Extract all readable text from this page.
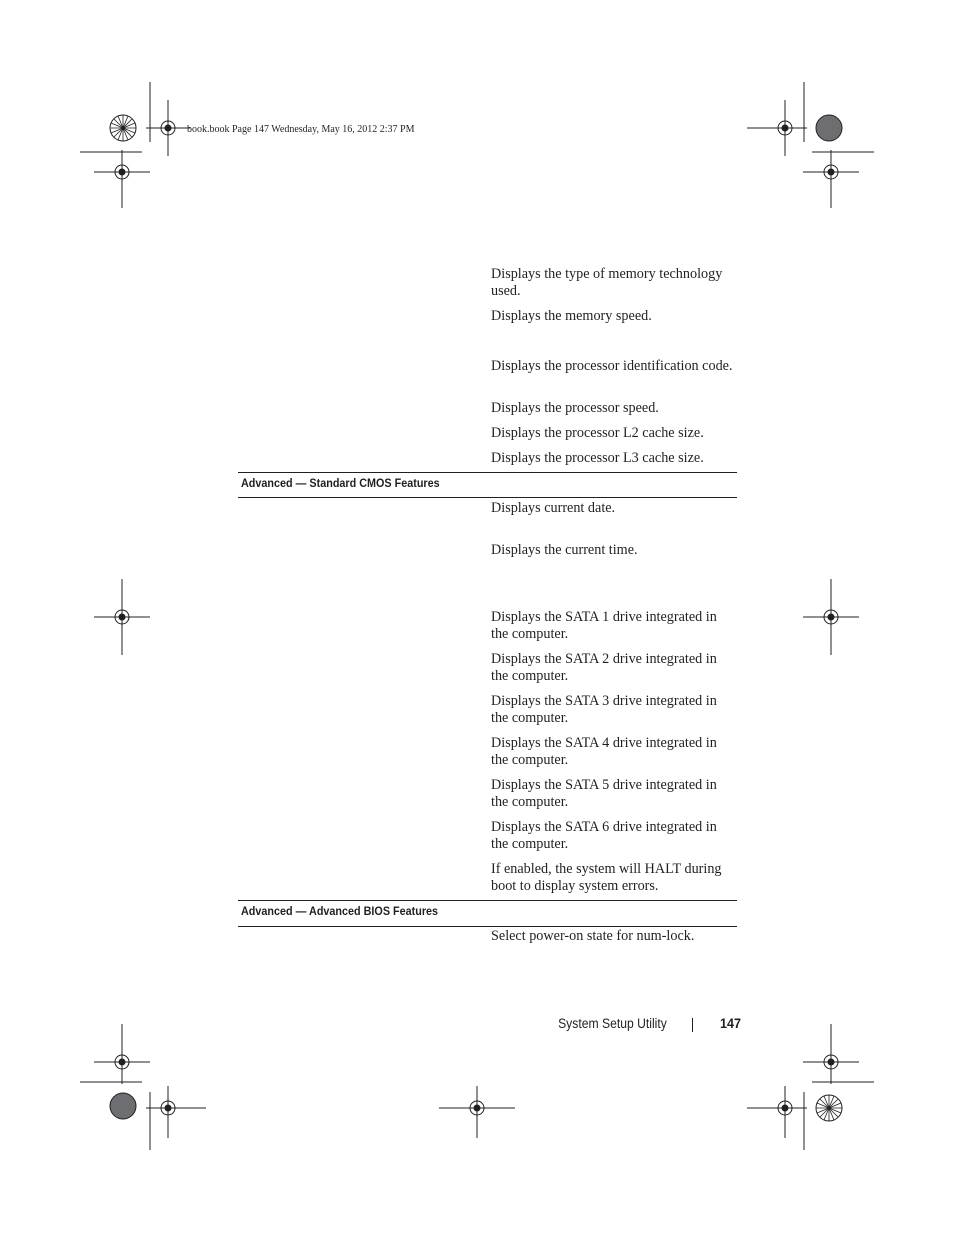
book.book Page 147 Wednesday, May 16, 2012 2:37 PM
Displays the type of memory technology used.
Displays the memory speed.
Displays the processor identification code.
Displays the processor speed.
Displays the processor L2 cache size.
Displays the processor L3 cache size.
Advanced — Standard CMOS Features
Displays current date.
Displays the current time.
Displays the SATA 1 drive integrated in the computer.
Displays the SATA 2 drive integrated in the computer.
Displays the SATA 3 drive integrated in the computer.
Displays the SATA 4 drive integrated in the computer.
Displays the SATA 5 drive integrated in the computer.
Displays the SATA 6 drive integrated in the computer.
If enabled, the system will HALT during boot to display system errors.
Advanced — Advanced BIOS Features
Select power-on state for num-lock.
System Setup Utility	147
